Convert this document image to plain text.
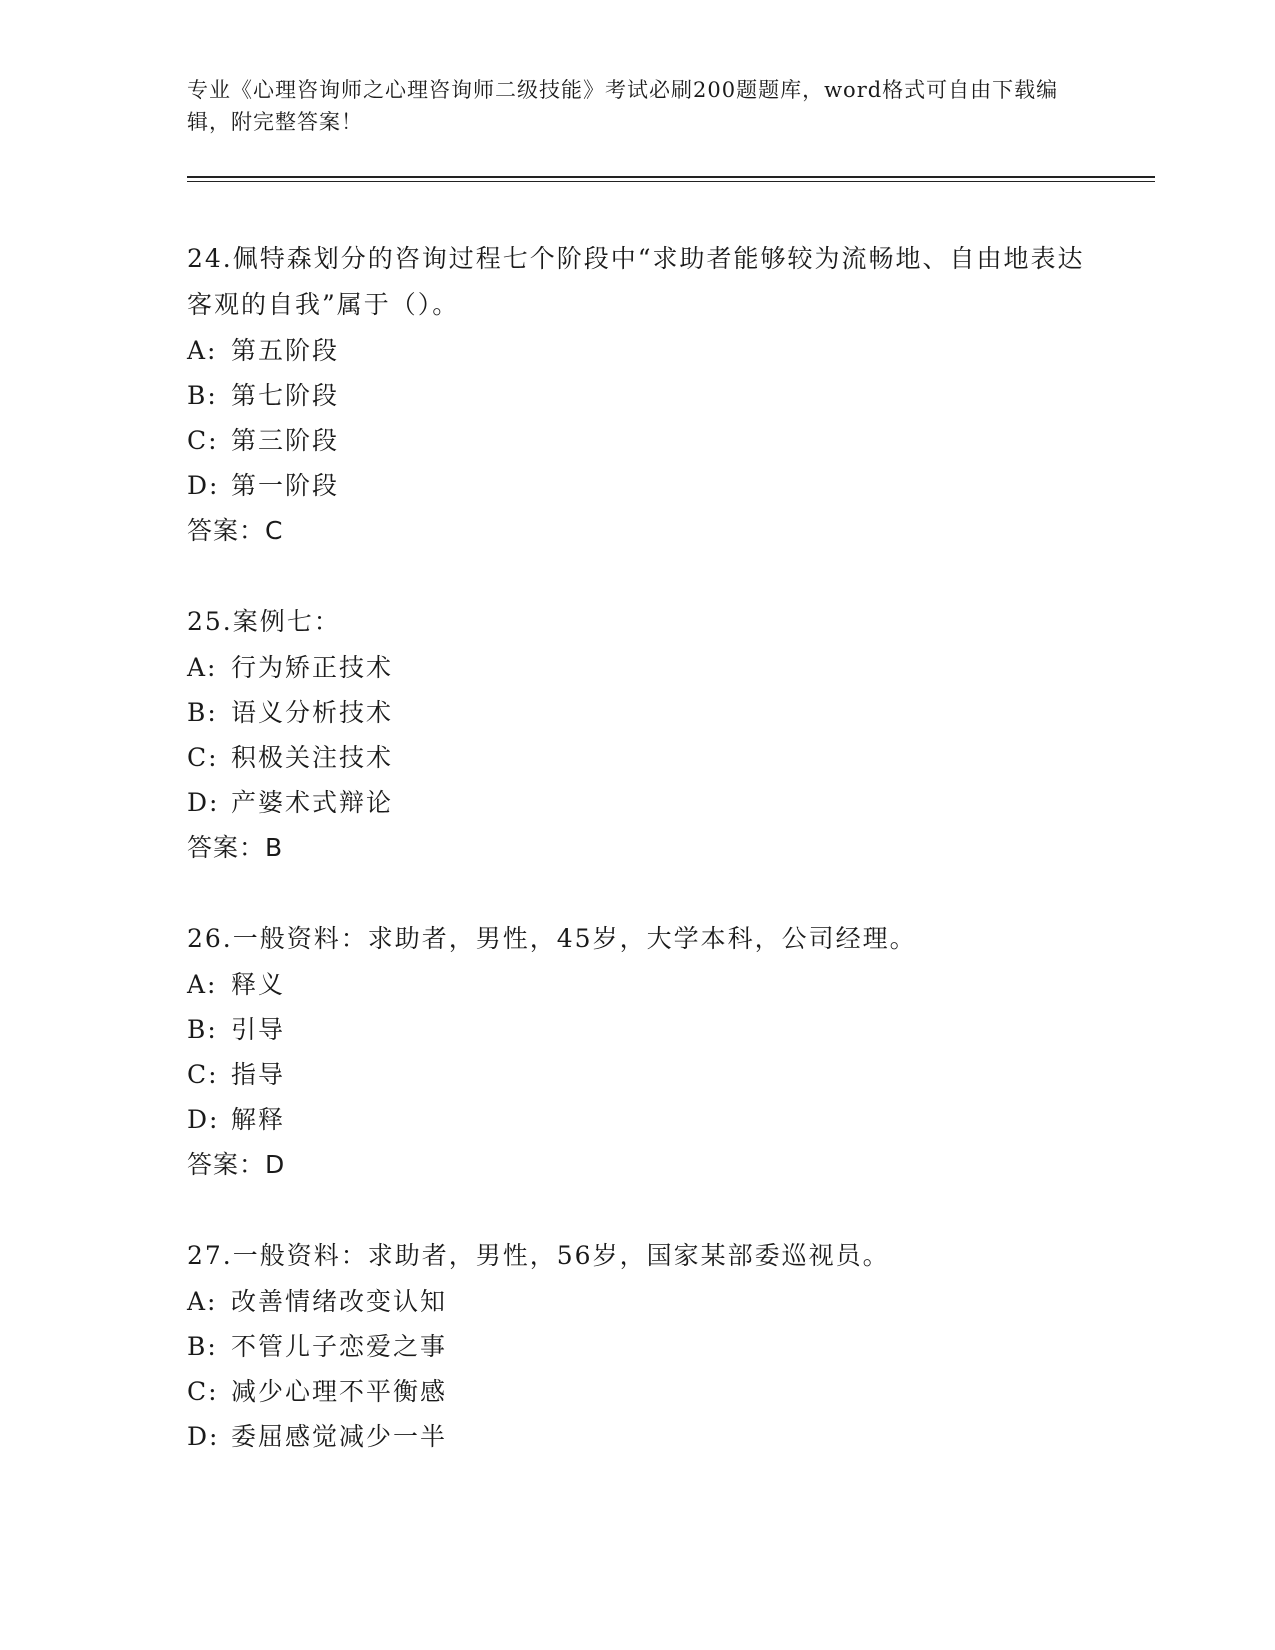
专业《心理咨询师之心理咨询师二级技能》考试必刷200题题库，word格式可自由下载编辑，附完整答案！
24.佩特森划分的咨询过程七个阶段中“求助者能够较为流畅地、自由地表达客观的自我”属于（）。
A: 第五阶段
B: 第七阶段
C: 第三阶段
D: 第一阶段
答案：C
25.案例七：
A: 行为矫正技术
B: 语义分析技术
C: 积极关注技术
D: 产婆术式辩论
答案：B
26.一般资料：求助者，男性，45岁，大学本科，公司经理。
A: 释义
B: 引导
C: 指导
D: 解释
答案：D
27.一般资料：求助者，男性，56岁，国家某部委巡视员。
A: 改善情绪改变认知
B: 不管儿子恋爱之事
C: 减少心理不平衡感
D: 委屈感觉减少一半
